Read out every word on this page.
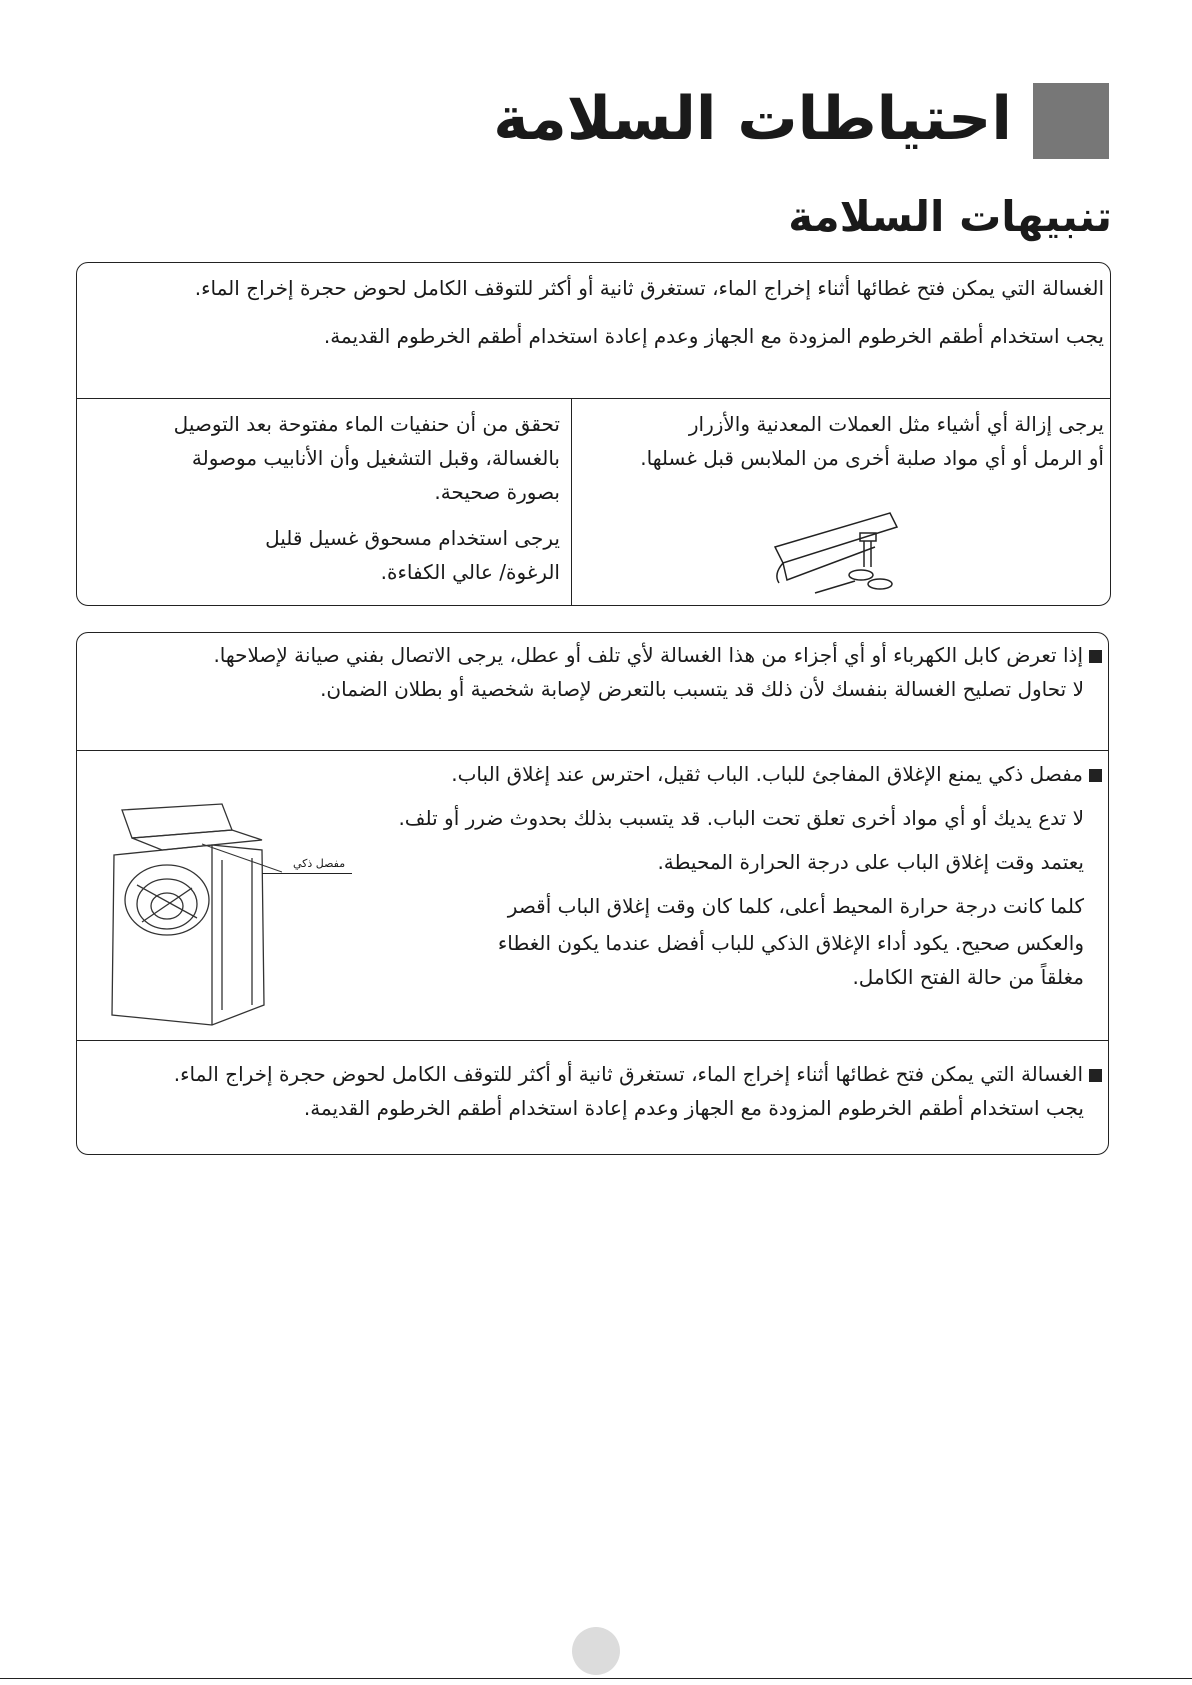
احتياطات السلامة
تنبيهات السلامة
الغسالة التي يمكن فتح غطائها أثناء إخراج الماء، تستغرق ثانية أو أكثر للتوقف الكامل لحوض حجرة إخراج الماء.
يجب استخدام أطقم الخرطوم المزودة مع الجهاز وعدم إعادة استخدام أطقم الخرطوم القديمة.
يرجى إزالة أي أشياء مثل العملات المعدنية والأزرار
أو الرمل أو أي مواد صلبة أخرى من الملابس قبل غسلها.
تحقق من أن حنفيات الماء مفتوحة بعد التوصيل
بالغسالة، وقبل التشغيل وأن الأنابيب موصولة
بصورة صحيحة.
يرجى استخدام مسحوق غسيل قليل
الرغوة/ عالي الكفاءة.
إذا تعرض كابل الكهرباء أو أي أجزاء من هذا الغسالة لأي تلف أو عطل، يرجى الاتصال بفني صيانة لإصلاحها.
لا تحاول تصليح الغسالة بنفسك لأن ذلك قد يتسبب بالتعرض لإصابة شخصية أو بطلان الضمان.
مفصل ذكي يمنع الإغلاق المفاجئ للباب. الباب ثقيل، احترس عند إغلاق الباب.
لا تدع يديك أو أي مواد أخرى تعلق تحت الباب. قد يتسبب بذلك بحدوث ضرر أو تلف.
يعتمد وقت إغلاق الباب على درجة الحرارة المحيطة.
كلما كانت درجة حرارة المحيط أعلى، كلما كان وقت إغلاق الباب أقصر
والعكس صحيح. يكود أداء الإغلاق الذكي للباب أفضل عندما يكون الغطاء
مغلقاً من حالة الفتح الكامل.
مفصل ذكي
الغسالة التي يمكن فتح غطائها أثناء إخراج الماء، تستغرق ثانية أو أكثر للتوقف الكامل لحوض حجرة إخراج الماء.
يجب استخدام أطقم الخرطوم المزودة مع الجهاز وعدم إعادة استخدام أطقم الخرطوم القديمة.
